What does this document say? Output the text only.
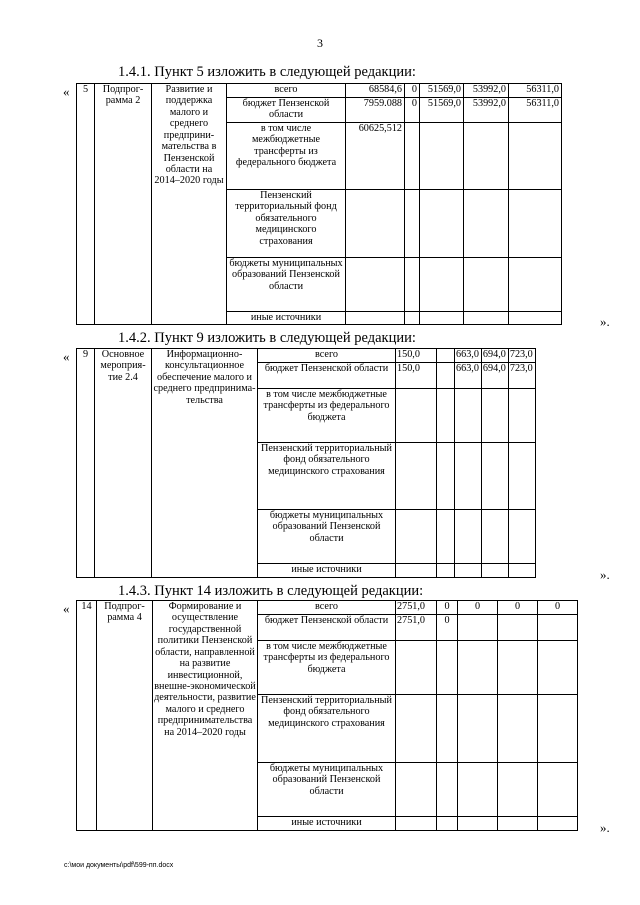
3
1.4.1. Пункт 5 изложить в следующей редакции:
« 5	Подпрог-рамма 2	Развитие и поддержка малого и среднего предприни-мательства в Пензенской области на 2014–2020 годы	всего	68584,6	0	51569,0	53992,0	56311,0
			бюджет Пензенской области	7959.088	0	51569,0	53992,0	56311,0
			в том числе межбюджетные трансферты из федерального бюджета	60625,512				
			Пензенский территориальный фонд обязательного медицинского страхования					
			бюджеты муниципальных образований Пензенской области					
			иные источники						».
1.4.2. Пункт 9 изложить в следующей редакции:
« 9	Основное мероприя-тие 2.4	Информационно-консультационное обеспечение малого и среднего предпринима-тельства	всего	150,0		663,0	694,0	723,0
			бюджет Пензенской области	150,0		663,0	694,0	723,0
			в том числе межбюджетные трансферты из федерального бюджета					
			Пензенский территориальный фонд обязательного медицинского страхования					
			бюджеты муниципальных образований Пензенской области					
			иные источники						».
1.4.3. Пункт 14 изложить в следующей редакции:
« 14	Подпрог-рамма 4	Формирование и осуществление государственной политики Пензенской области, направленной на развитие инвестиционной, внешне-экономической деятельности, развитие малого и среднего предпринимательства на 2014–2020 годы	всего	2751,0	0	0	0	0
			бюджет Пензенской области	2751,0	0			
			в том числе межбюджетные трансферты из федерального бюджета					
			Пензенский территориальный фонд обязательного медицинского страхования					
			бюджеты муниципальных образований Пензенской области					
			иные источники						».
c:\мои документы\pdf\599-пп.docx
